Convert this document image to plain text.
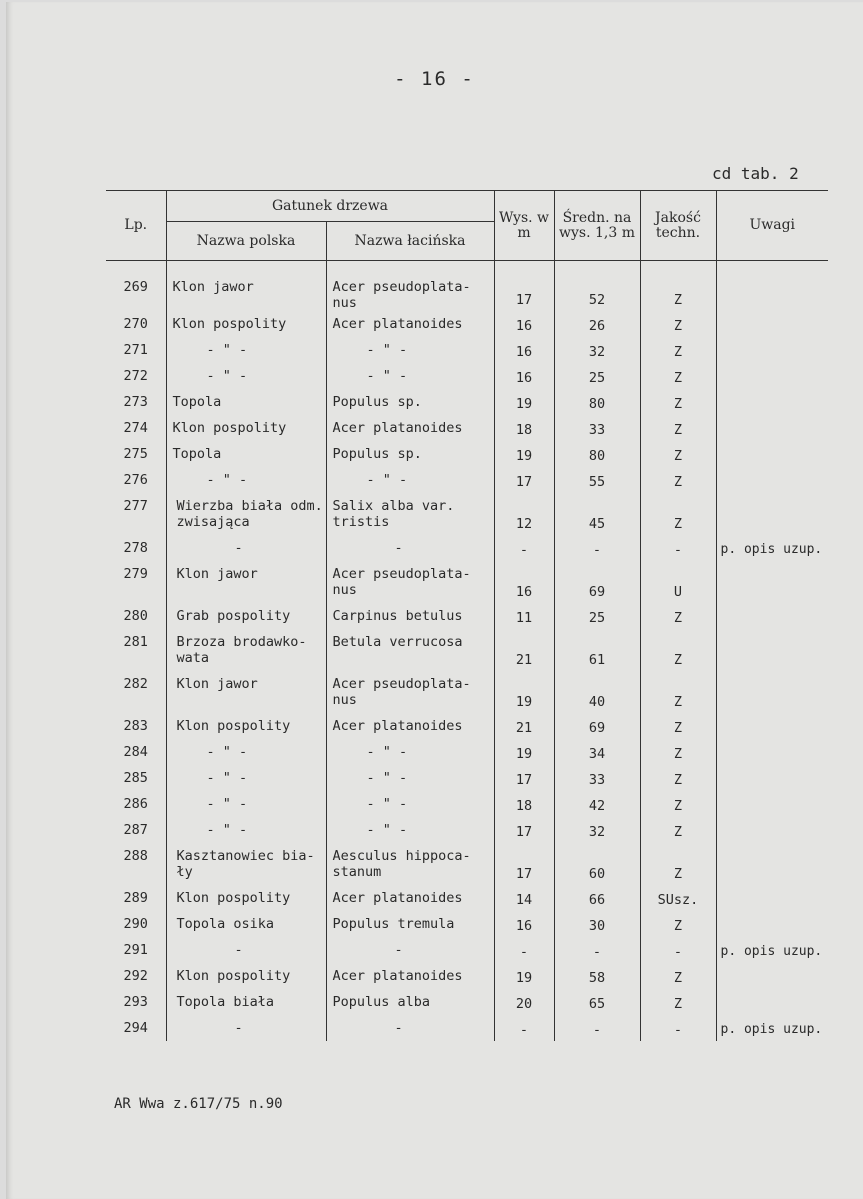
- 16 -
cd tab. 2
Lp.	Gatunek drzewa		Wys. w m	Średn. na wys. 1,3 m	Jakość techn.	Uwagi
	Nazwa polska	Nazwa łacińska				
269	Klon jawor	Acer pseudoplata-nus	17	52	Z	
270	Klon pospolity	Acer platanoides	16	26	Z	
271	- " -	- " -	16	32	Z	
272	- " -	- " -	16	25	Z	
273	Topola	Populus sp.	19	80	Z	
274	Klon pospolity	Acer platanoides	18	33	Z	
275	Topola	Populus sp.	19	80	Z	
276	- " -	- " -	17	55	Z	
277	Wierzba biała odm. zwisająca	Salix alba var. tristis	12	45	Z	
278	-	-	-	-	-	p. opis uzup.
279	Klon jawor	Acer pseudoplata-nus	16	69	U	
280	Grab pospolity	Carpinus betulus	11	25	Z	
281	Brzoza brodawko-wata	Betula verrucosa	21	61	Z	
282	Klon jawor	Acer pseudoplata-nus	19	40	Z	
283	Klon pospolity	Acer platanoides	21	69	Z	
284	- " -	- " -	19	34	Z	
285	- " -	- " -	17	33	Z	
286	- " -	- " -	18	42	Z	
287	- " -	- " -	17	32	Z	
288	Kasztanowiec bia-ły	Aesculus hippoca-stanum	17	60	Z	
289	Klon pospolity	Acer platanoides	14	66	SUsz.	
290	Topola osika	Populus tremula	16	30	Z	
291	-	-	-	-	-	p. opis uzup.
292	Klon pospolity	Acer platanoides	19	58	Z	
293	Topola biała	Populus alba	20	65	Z	
294	-	-	-	-	-	p. opis uzup.
AR Wwa z.617/75 n.90
